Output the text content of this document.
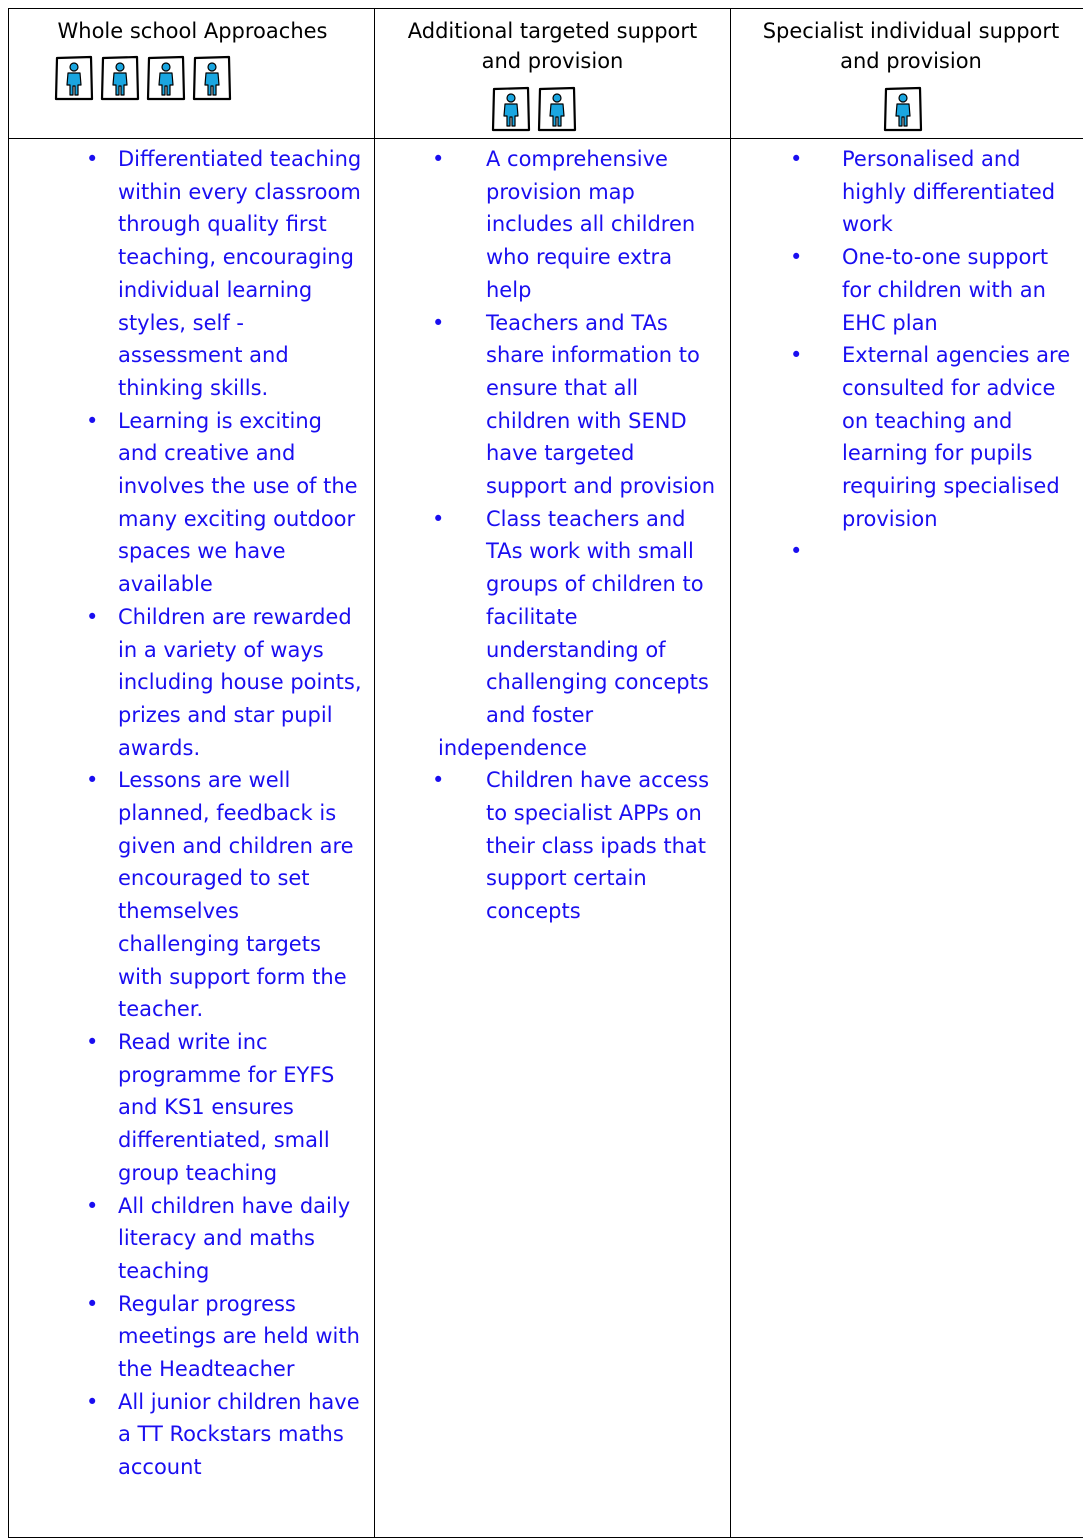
Whole school Approaches	Additional targeted support and provision
Specialist individual support and provision
• Differentiated teaching within every classroom through quality first teaching, encouraging individual learning styles, self - assessment and thinking skills.
• Learning is exciting and creative and involves the use of the many exciting outdoor spaces we have available
• Children are rewarded in a variety of ways including house points, prizes and star pupil awards.
• Lessons are well planned, feedback is given and children are encouraged to set themselves challenging targets with support form the teacher.
• Read write inc programme for EYFS and KS1 ensures differentiated, small group teaching
• All children have daily literacy and maths teaching
• Regular progress meetings are held with the Headteacher
• All junior children have a TT Rockstars maths account
• A comprehensive provision map includes all children who require extra help
• Teachers and TAs share information to ensure that all children with SEND have targeted support and provision
• Class teachers and TAs work with small groups of children to facilitate understanding of challenging concepts and foster
independence
• Children have access to specialist APPs on their class ipads that support certain concepts
• Personalised and highly differentiated work
• One-to-one support for children with an EHC plan
• External agencies are consulted for advice on teaching and learning for pupils requiring specialised provision
•
